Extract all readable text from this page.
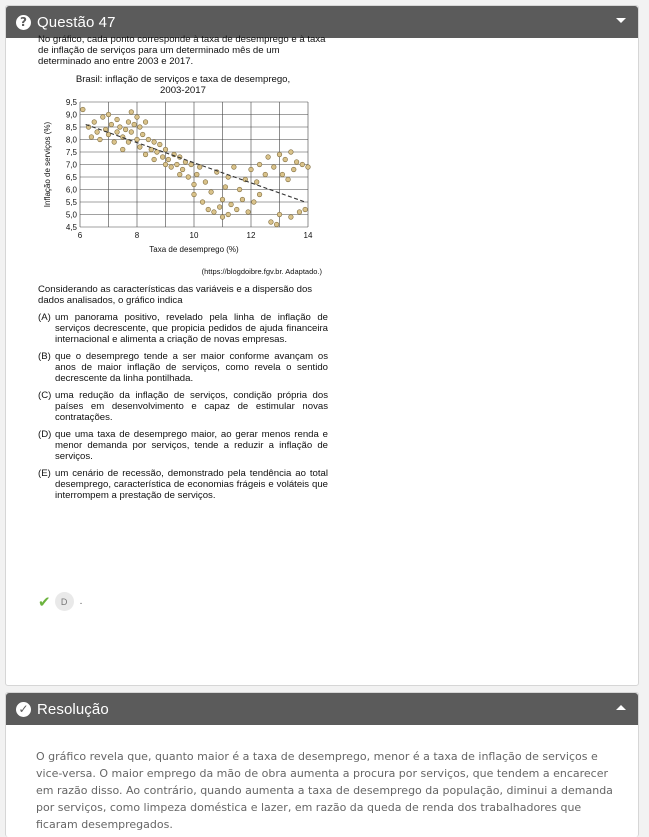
? Questão 47

No gráfico, cada ponto corresponde à taxa de desemprego e à taxa de inflação de serviços para um determinado mês de um determinado ano entre 2003 e 2017.

Brasil: inflação de serviços e taxa de desemprego,
2003-2017
4,5
5,0
5,5
6,0
6,5
7,0
7,5
8,0
8,5
9,0
9,5
6	8	10	12	14
Taxa de desemprego (%)
Inflação de serviços (%)
(https://blogdoibre.fgv.br. Adaptado.)

Considerando as características das variáveis e a dispersão dos dados analisados, o gráfico indica

(A) um panorama positivo, revelado pela linha de inflação de serviços decrescente, que propicia pedidos de ajuda financeira internacional e alimenta a criação de novas empresas.
(B) que o desemprego tende a ser maior conforme avançam os anos de maior inflação de serviços, como revela o sentido decrescente da linha pontilhada.
(C) uma redução da inflação de serviços, condição própria dos países em desenvolvimento e capaz de estimular novas contratações.
(D) que uma taxa de desemprego maior, ao gerar menos renda e menor demanda por serviços, tende a reduzir a inflação de serviços.
(E) um cenário de recessão, demonstrado pela tendência ao total desemprego, característica de economias frágeis e voláteis que interrompem a prestação de serviços.
✔	D	.
✓ Resolução
O gráfico revela que, quanto maior é a taxa de desemprego, menor é a taxa de inflação de serviços e vice-versa. O maior emprego da mão de obra aumenta a procura por serviços, que tendem a encarecer em razão disso. Ao contrário, quando aumenta a taxa de desemprego da população, diminui a demanda por serviços, como limpeza doméstica e lazer, em razão da queda de renda dos trabalhadores que ficaram desempregados.
